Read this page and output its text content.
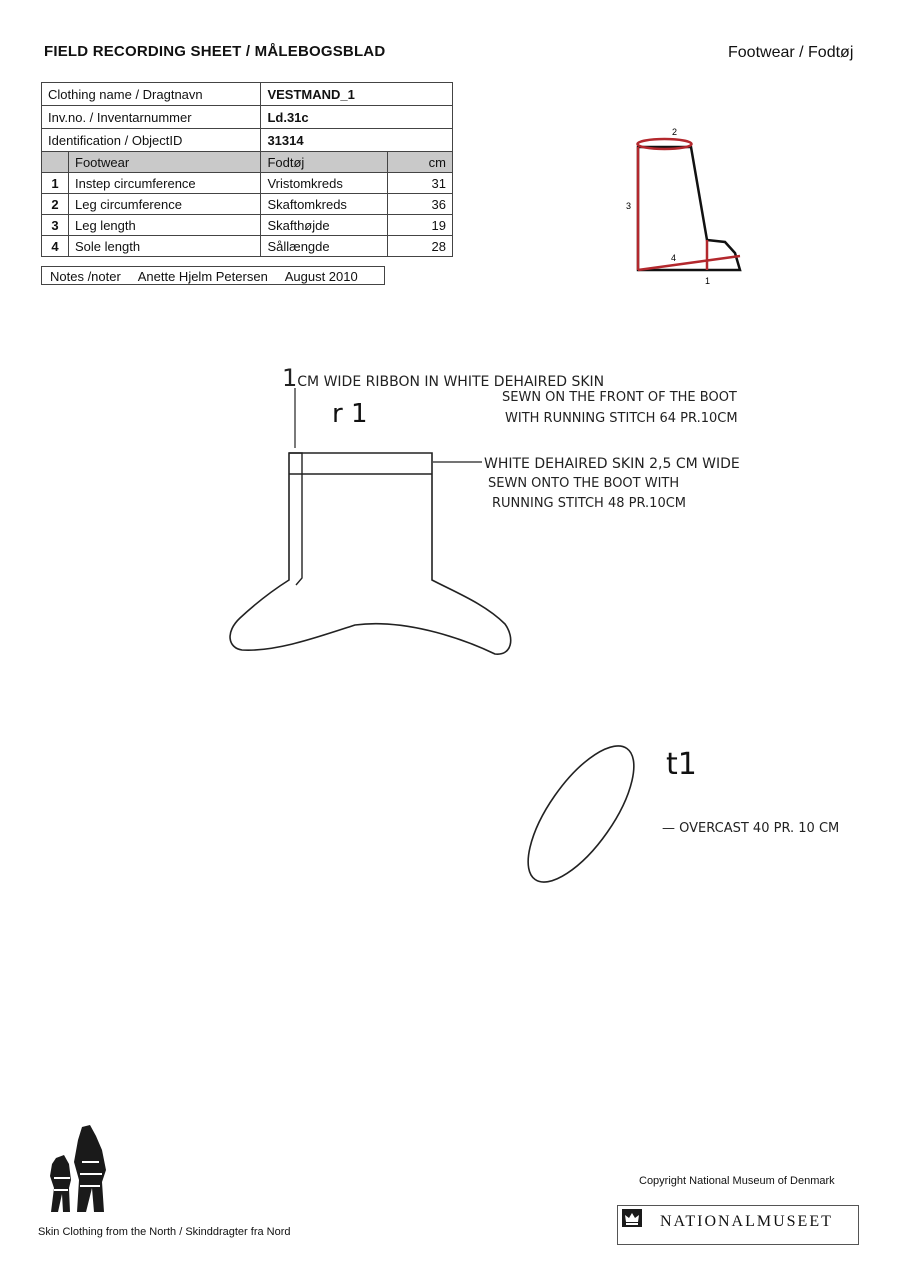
FIELD RECORDING SHEET / MÅLEBOGSBLAD	Footwear / Fodtøj
Clothing name / Dragtnavn		VESTMAND_1	
Inv.no. / Inventarnummer		Ld.31c	
Identification / ObjectID		31314	
	Footwear	Fodtøj	cm
1	Instep circumference	Vristomkreds	31
2	Leg circumference	Skaftomkreds	36
3	Leg length	Skafthøjde	19
4	Sole length	Sållængde	28
Notes /noter Anette Hjelm Petersen August 2010
2
3
4
1
1CM WIDE RIBBON IN WHITE DEHAIRED SKIN
SEWN ON THE FRONT OF THE BOOT
WITH RUNNING STITCH 64 PR.10CM
r 1
WHITE DEHAIRED SKIN 2,5 CM WIDE
SEWN ONTO THE BOOT WITH
RUNNING STITCH 48 PR.10CM
t1
— OVERCAST 40 PR. 10 CM
Skin Clothing from the North / Skinddragter fra Nord
Copyright National Museum of Denmark
NATIONALMUSEET
